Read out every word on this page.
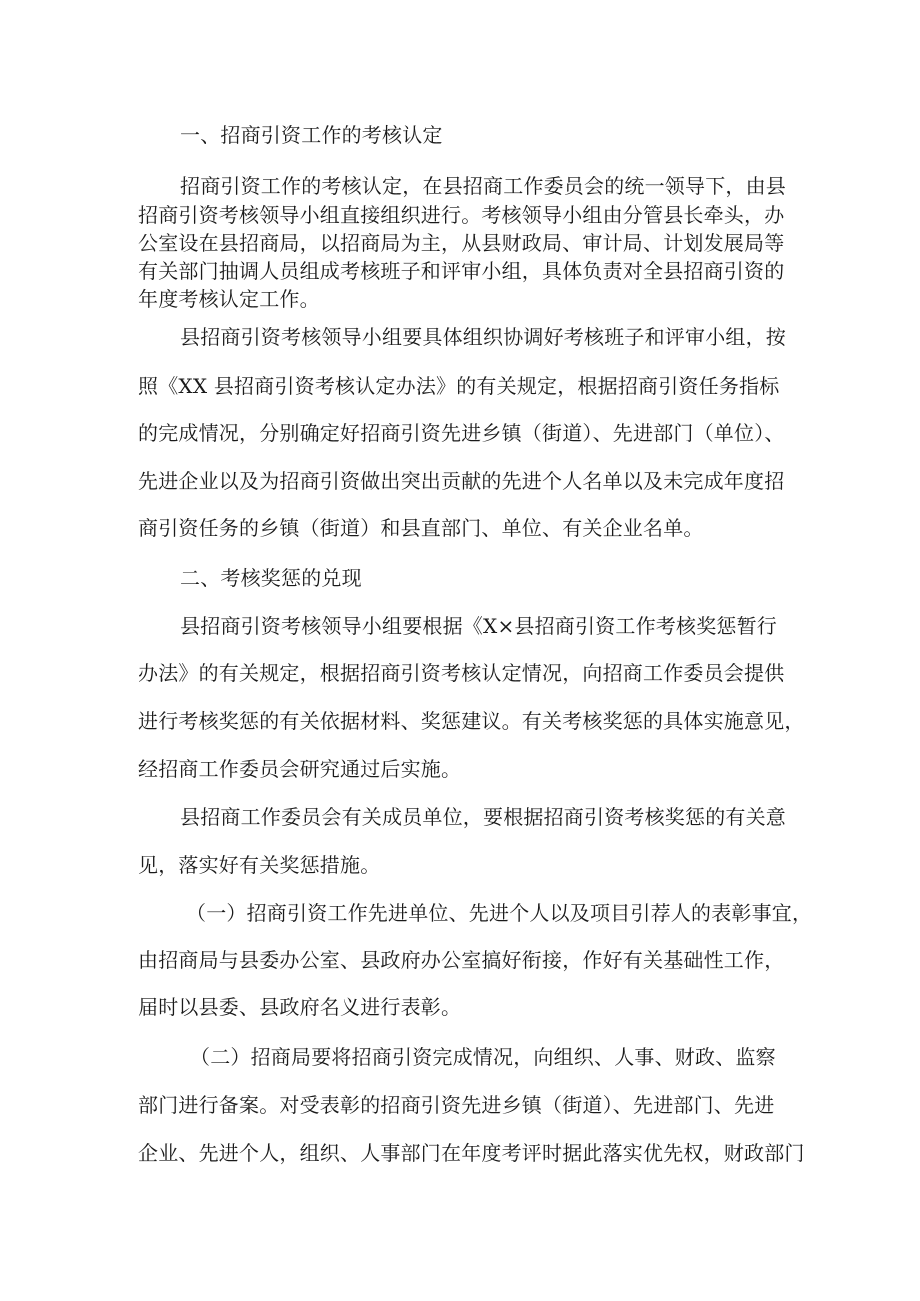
一、招商引资工作的考核认定
招商引资工作的考核认定，在县招商工作委员会的统一领导下，由县
招商引资考核领导小组直接组织进行。考核领导小组由分管县长牵头，办
公室设在县招商局，以招商局为主，从县财政局、审计局、计划发展局等
有关部门抽调人员组成考核班子和评审小组，具体负责对全县招商引资的
年度考核认定工作。
县招商引资考核领导小组要具体组织协调好考核班子和评审小组，按
照《XX 县招商引资考核认定办法》的有关规定，根据招商引资任务指标
的完成情况，分别确定好招商引资先进乡镇（街道）、先进部门（单位）、
先进企业以及为招商引资做出突出贡献的先进个人名单以及未完成年度招
商引资任务的乡镇（街道）和县直部门、单位、有关企业名单。
二、考核奖惩的兑现
县招商引资考核领导小组要根据《X×县招商引资工作考核奖惩暂行
办法》的有关规定，根据招商引资考核认定情况，向招商工作委员会提供
进行考核奖惩的有关依据材料、奖惩建议。有关考核奖惩的具体实施意见，
经招商工作委员会研究通过后实施。
县招商工作委员会有关成员单位，要根据招商引资考核奖惩的有关意
见，落实好有关奖惩措施。
（一）招商引资工作先进单位、先进个人以及项目引荐人的表彰事宜，
由招商局与县委办公室、县政府办公室搞好衔接，作好有关基础性工作，
届时以县委、县政府名义进行表彰。
（二）招商局要将招商引资完成情况，向组织、人事、财政、监察
部门进行备案。对受表彰的招商引资先进乡镇（街道）、先进部门、先进
企业、先进个人，组织、人事部门在年度考评时据此落实优先权，财政部门
